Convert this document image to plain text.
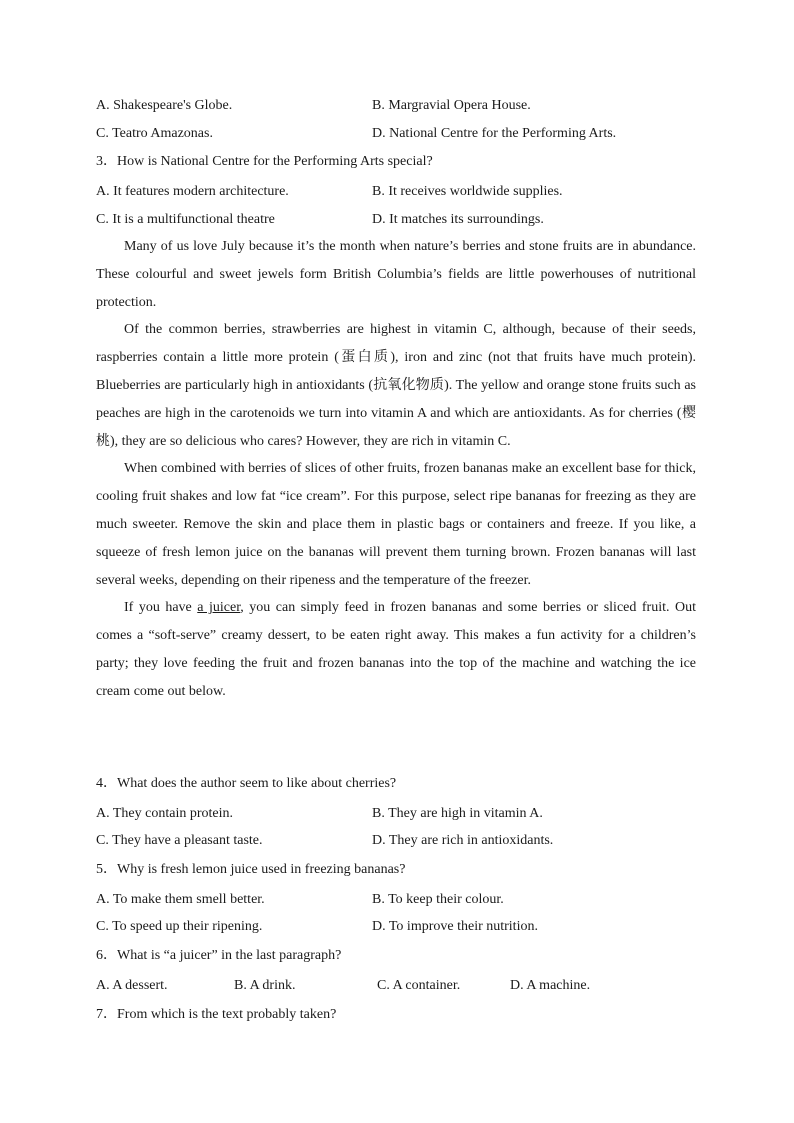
A. Shakespeare's Globe.	B. Margravial Opera House.
C. Teatro Amazonas.	D. National Centre for the Performing Arts.
3．How is National Centre for the Performing Arts special?
A. It features modern architecture.	B. It receives worldwide supplies.
C. It is a multifunctional theatre	D. It matches its surroundings.

Many of us love July because it’s the month when nature’s berries and stone fruits are in abundance. These colourful and sweet jewels form British Columbia’s fields are little powerhouses of nutritional protection.

Of the common berries, strawberries are highest in vitamin C, although, because of their seeds, raspberries contain a little more protein (蛋白质), iron and zinc (not that fruits have much protein). Blueberries are particularly high in antioxidants (抗氧化物质). The yellow and orange stone fruits such as peaches are high in the carotenoids we turn into vitamin A and which are antioxidants. As for cherries (樱桃), they are so delicious who cares? However, they are rich in vitamin C.

When combined with berries of slices of other fruits, frozen bananas make an excellent base for thick, cooling fruit shakes and low fat “ice cream”. For this purpose, select ripe bananas for freezing as they are much sweeter. Remove the skin and place them in plastic bags or containers and freeze. If you like, a squeeze of fresh lemon juice on the bananas will prevent them turning brown. Frozen bananas will last several weeks, depending on their ripeness and the temperature of the freezer.

If you have a juicer, you can simply feed in frozen bananas and some berries or sliced fruit. Out comes a “soft-serve” creamy dessert, to be eaten right away. This makes a fun activity for a children’s party; they love feeding the fruit and frozen bananas into the top of the machine and watching the ice cream come out below.

4．What does the author seem to like about cherries?
A. They contain protein.	B. They are high in vitamin A.
C. They have a pleasant taste.	D. They are rich in antioxidants.
5．Why is fresh lemon juice used in freezing bananas?
A. To make them smell better.	B. To keep their colour.
C. To speed up their ripening.	D. To improve their nutrition.
6．What is “a juicer” in the last paragraph?
A. A dessert.	B. A drink.	C. A container.	D. A machine.
7．From which is the text probably taken?
